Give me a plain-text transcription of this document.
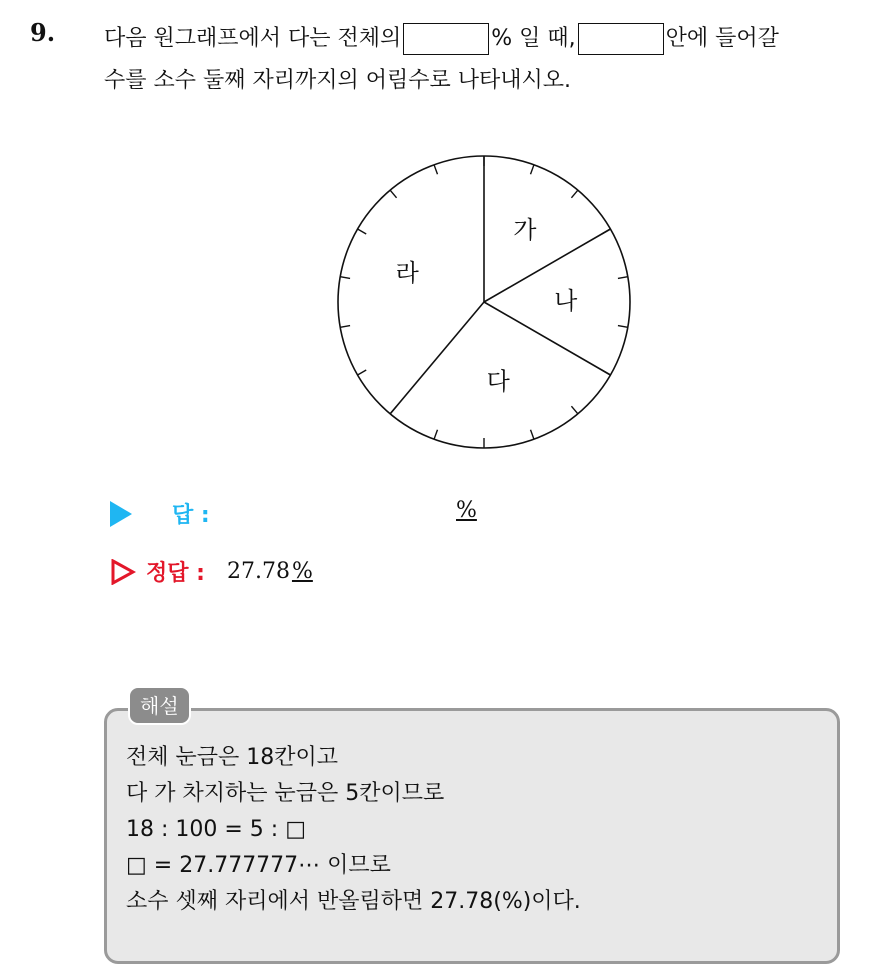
9. 다음 원그래프에서 다는 전체의	% 일 때,	안에 들어갈
수를 소수 둘째 자리까지의 어림수로 나타내시오.
가
나
다
라
답 :	%
정답 : 27.78%
해설
전체 눈금은 18칸이고
다 가 차지하는 눈금은 5칸이므로
18 : 100 = 5 : □
□ = 27.777777⋯ 이므로
소수 셋째 자리에서 반올림하면 27.78(%)이다.
